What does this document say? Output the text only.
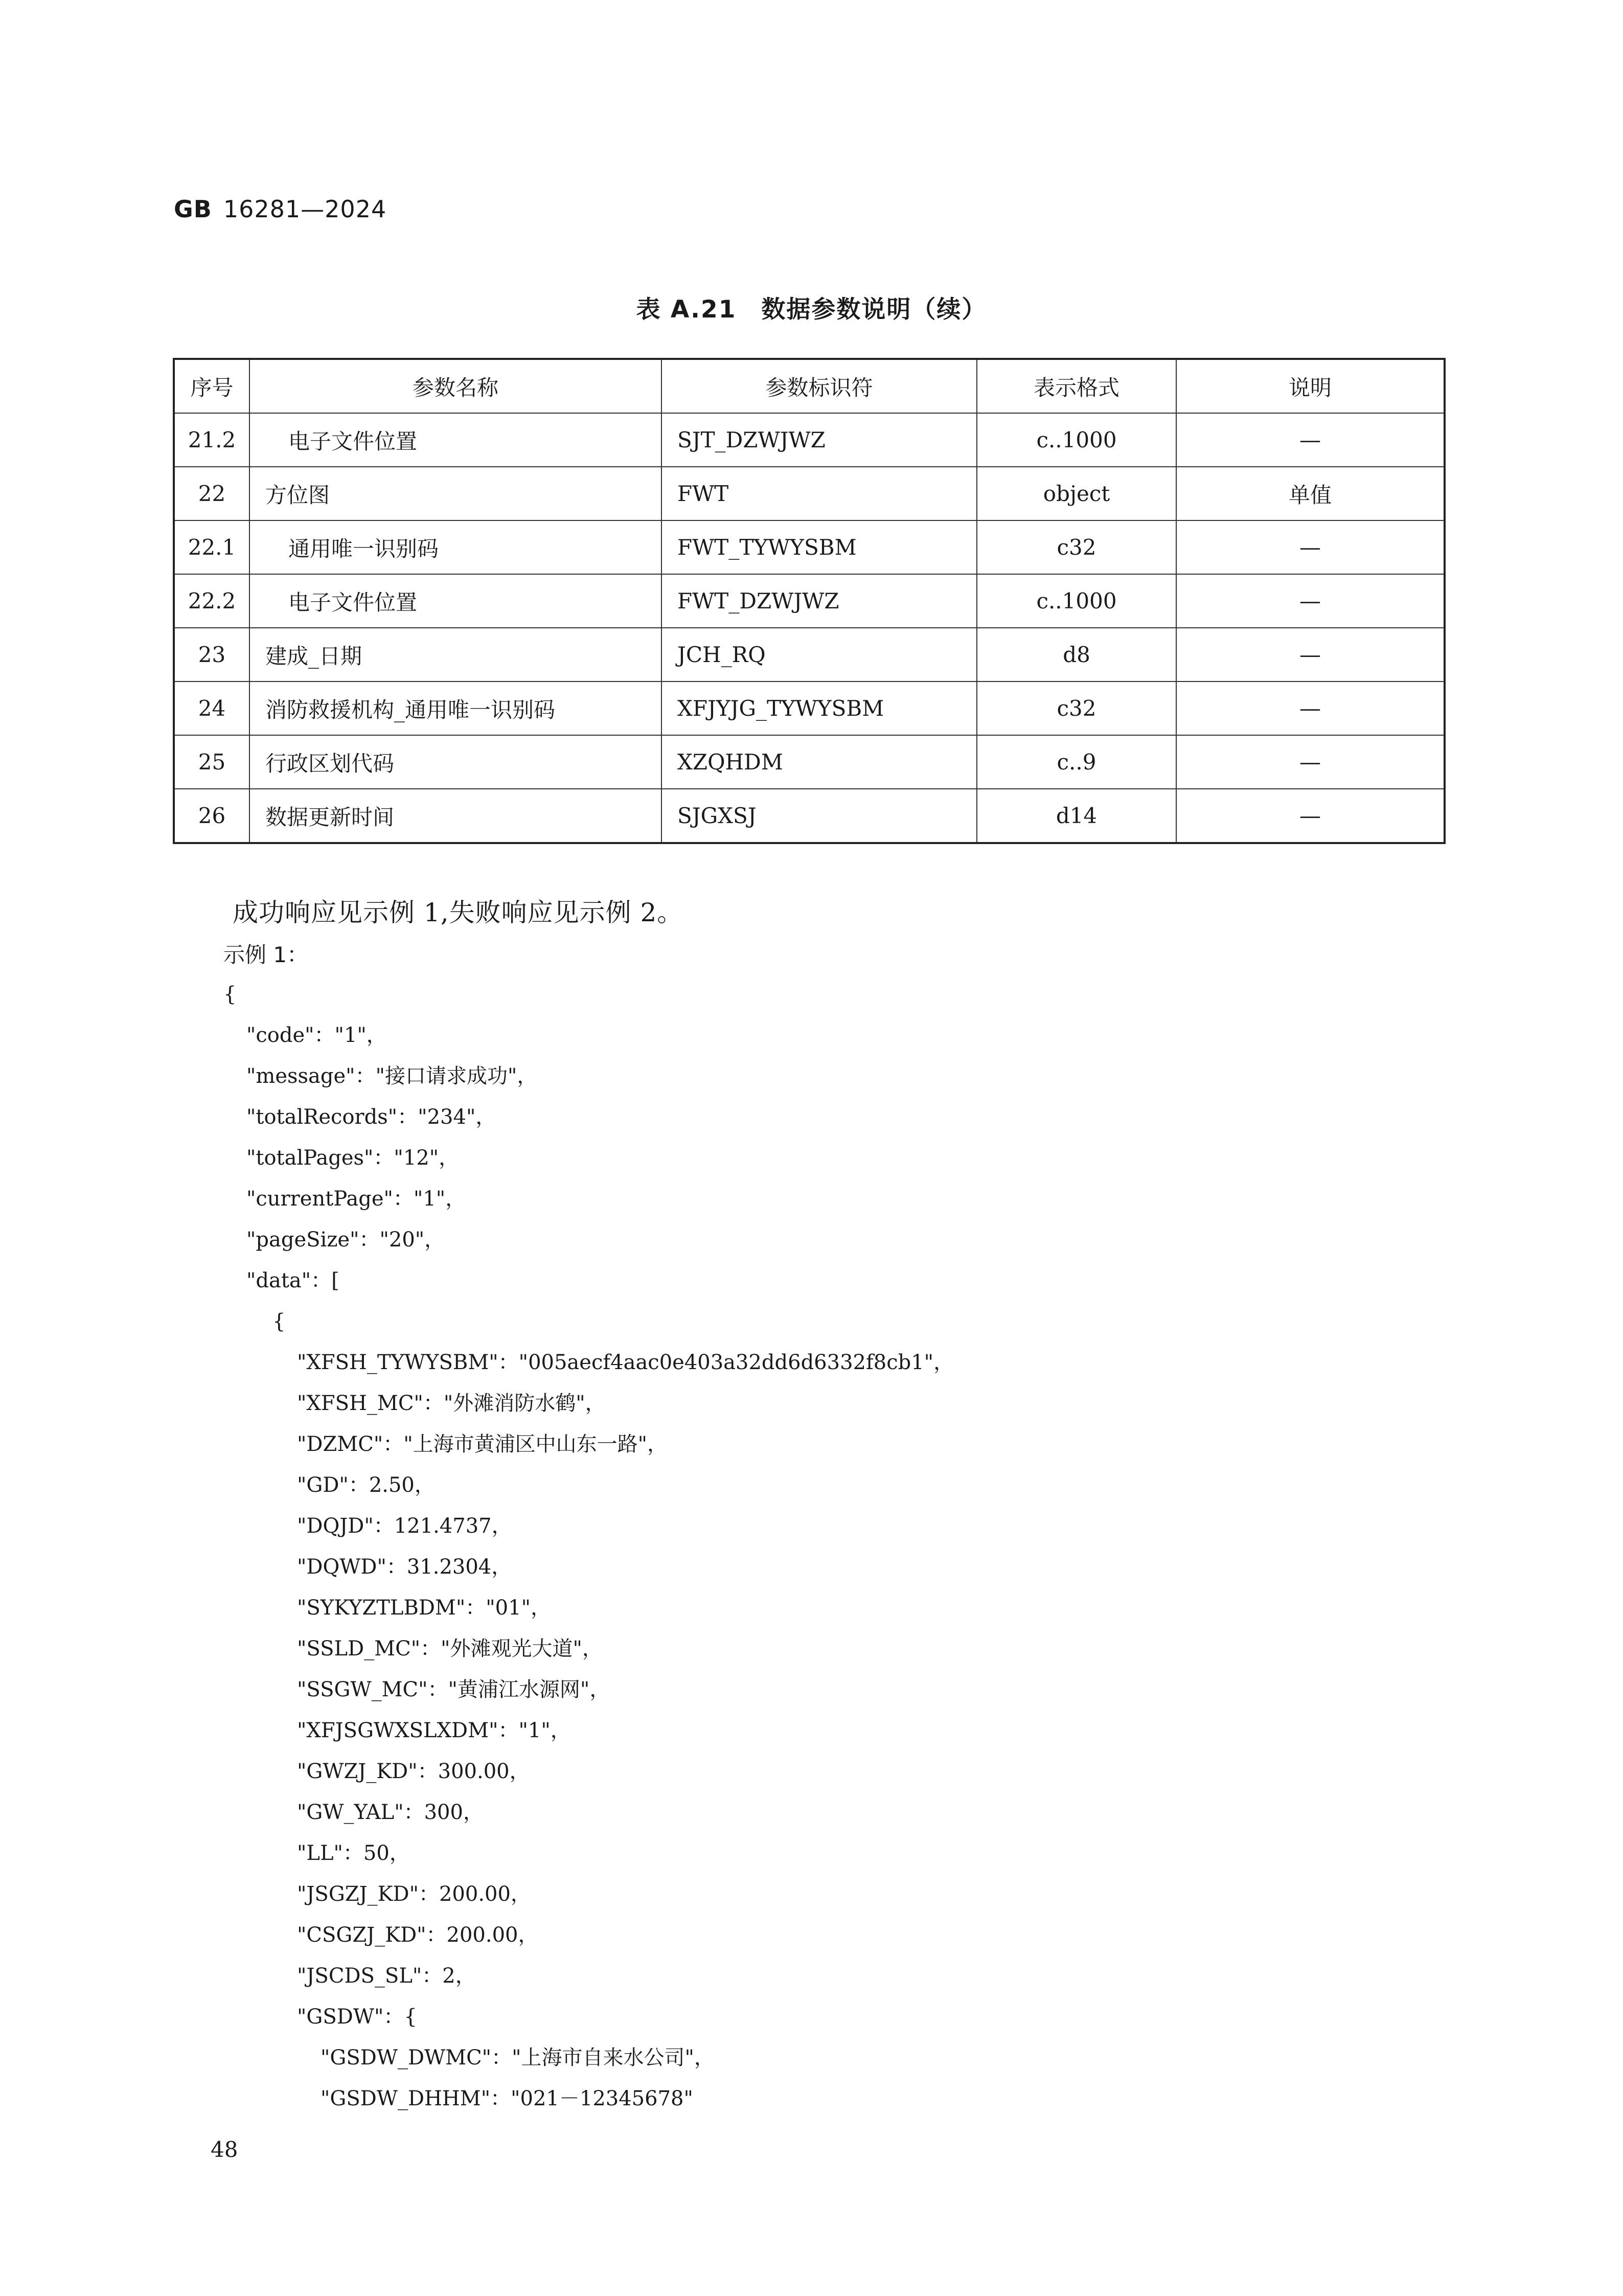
GB 16281—2024
表 A.21　数据参数说明（续）
序号	参数名称	参数标识符	表示格式	说明
21.2	电子文件位置	SJT_DZWJWZ	c..1000	—
22	方位图	FWT	object	单值
22.1	通用唯一识别码	FWT_TYWYSBM	c32	—
22.2	电子文件位置	FWT_DZWJWZ	c..1000	—
23	建成_日期	JCH_RQ	d8	—
24	消防救援机构_通用唯一识别码	XFJYJG_TYWYSBM	c32	—
25	行政区划代码	XZQHDM	c..9	—
26	数据更新时间	SJGXSJ	d14	—
成功响应见示例 1,失败响应见示例 2。
示例 1：
{
"code"："1"，
"message"："接口请求成功"，
"totalRecords"："234"，
"totalPages"："12"，
"currentPage"："1"，
"pageSize"："20"，
"data"：[
{
"XFSH_TYWYSBM"："005aecf4aac0e403a32dd6d6332f8cb1"，
"XFSH_MC"："外滩消防水鹤"，
"DZMC"："上海市黄浦区中山东一路"，
"GD"：2.50，
"DQJD"：121.4737，
"DQWD"：31.2304，
"SYKYZTLBDM"："01"，
"SSLD_MC"："外滩观光大道"，
"SSGW_MC"："黄浦江水源网"，
"XFJSGWXSLXDM"："1"，
"GWZJ_KD"：300.00，
"GW_YAL"：300，
"LL"：50，
"JSGZJ_KD"：200.00，
"CSGZJ_KD"：200.00，
"JSCDS_SL"：2，
"GSDW"：{
"GSDW_DWMC"："上海市自来水公司"，
"GSDW_DHHM"："021－12345678"
48
